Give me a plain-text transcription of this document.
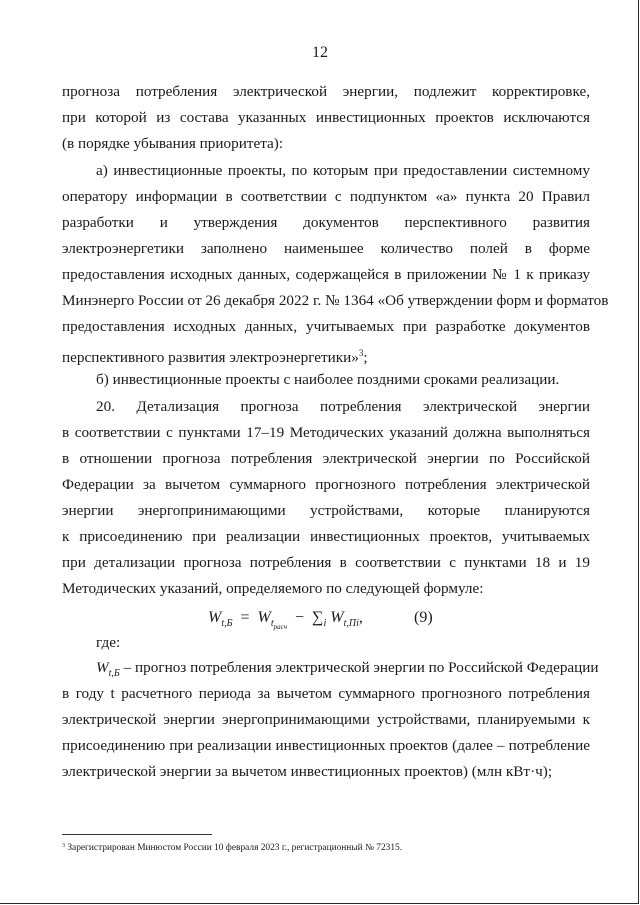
12
прогноза потребления электрической энергии, подлежит корректировке,
при которой из состава указанных инвестиционных проектов исключаются
(в порядке убывания приоритета):
а) инвестиционные проекты, по которым при предоставлении системному
оператору информации в соответствии с подпунктом «а» пункта 20 Правил
разработки и утверждения документов перспективного развития
электроэнергетики заполнено наименьшее количество полей в форме
предоставления исходных данных, содержащейся в приложении № 1 к приказу
Минэнерго России от 26 декабря 2022 г. № 1364 «Об утверждении форм и форматов
предоставления исходных данных, учитываемых при разработке документов
перспективного развития электроэнергетики»$^3$;
б) инвестиционные проекты с наиболее поздними сроками реализации.
20. Детализация прогноза потребления электрической энергии
в соответствии с пунктами 17–19 Методических указаний должна выполняться
в отношении прогноза потребления электрической энергии по Российской
Федерации за вычетом суммарного прогнозного потребления электрической
энергии энергопринимающими устройствами, которые планируются
к присоединению при реализации инвестиционных проектов, учитываемых
при детализации прогноза потребления в соответствии с пунктами 18 и 19
Методических указаний, определяемого по следующей формуле:
$W_{t,Б} = W_{t_{расч}} - \sum_i$ $W_{t,Пi}$,	(9)
где:
$W_{t,Б}$ – прогноз потребления электрической энергии по Российской Федерации
в году t расчетного периода за вычетом суммарного прогнозного потребления
электрической энергии энергопринимающими устройствами, планируемыми к
присоединению при реализации инвестиционных проектов (далее – потребление
электрической энергии за вычетом инвестиционных проектов) (млн кВт·ч);
$^3$ Зарегистрирован Минюстом России 10 февраля 2023 г., регистрационный № 72315.
